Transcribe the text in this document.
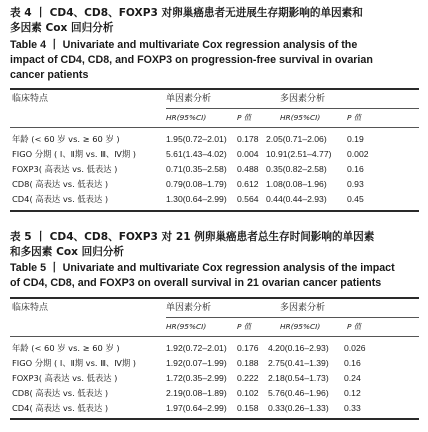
表 4 丨 CD4、CD8、FOXP3 对卵巢癌患者无进展生存期影响的单因素和

多因素 Cox 回归分析

Table 4 丨 Univariate and multivariate Cox regression analysis of the

impact of CD4, CD8, and FOXP3 on progression-free survival in ovarian

cancer patients

临床特点	单因素分析	多因素分析
HR(95%CI)	P 值	HR(95%CI)	P 值
年龄 (< 60 岁 vs. ≥ 60 岁 )	1.95(0.72–2.01) 0.178 2.05(0.71–2.06) 0.19
FIGO 分期 ( Ⅰ、Ⅱ期 vs. Ⅲ、Ⅳ期 )	5.61(1.43–4.02) 0.004 10.91(2.51–4.77) 0.002
FOXP3( 高表达 vs. 低表达 )	0.71(0.35–2.58) 0.488 0.35(0.82–2.58) 0.16
CD8( 高表达 vs. 低表达 )	0.79(0.08–1.79) 0.612 1.08(0.08–1.96) 0.93
CD4( 高表达 vs. 低表达 )	1.30(0.64–2.99) 0.564 0.44(0.44–2.93) 0.45

表 5 丨 CD4、CD8、FOXP3 对 21 例卵巢癌患者总生存时间影响的单因素

和多因素 Cox 回归分析

Table 5 丨 Univariate and multivariate Cox regression analysis of the impact

of CD4, CD8, and FOXP3 on overall survival in 21 ovarian cancer patients

临床特点	单因素分析	多因素分析
HR(95%CI)	P 值	HR(95%CI)	P 值
年龄 (< 60 岁 vs. ≥ 60 岁 )	1.92(0.72–2.01) 0.176 4.20(0.16–2.93) 0.026
FIGO 分期 ( Ⅰ、Ⅱ期 vs. Ⅲ、Ⅳ期 )	1.92(0.07–1.99) 0.188 2.75(0.41–1.39) 0.16
FOXP3( 高表达 vs. 低表达 )	1.72(0.35–2.99) 0.222 2.18(0.54–1.73) 0.24
CD8( 高表达 vs. 低表达 )	2.19(0.08–1.89) 0.102 5.76(0.46–1.96) 0.12
CD4( 高表达 vs. 低表达 )	1.97(0.64–2.99) 0.158 0.33(0.26–1.33) 0.33
